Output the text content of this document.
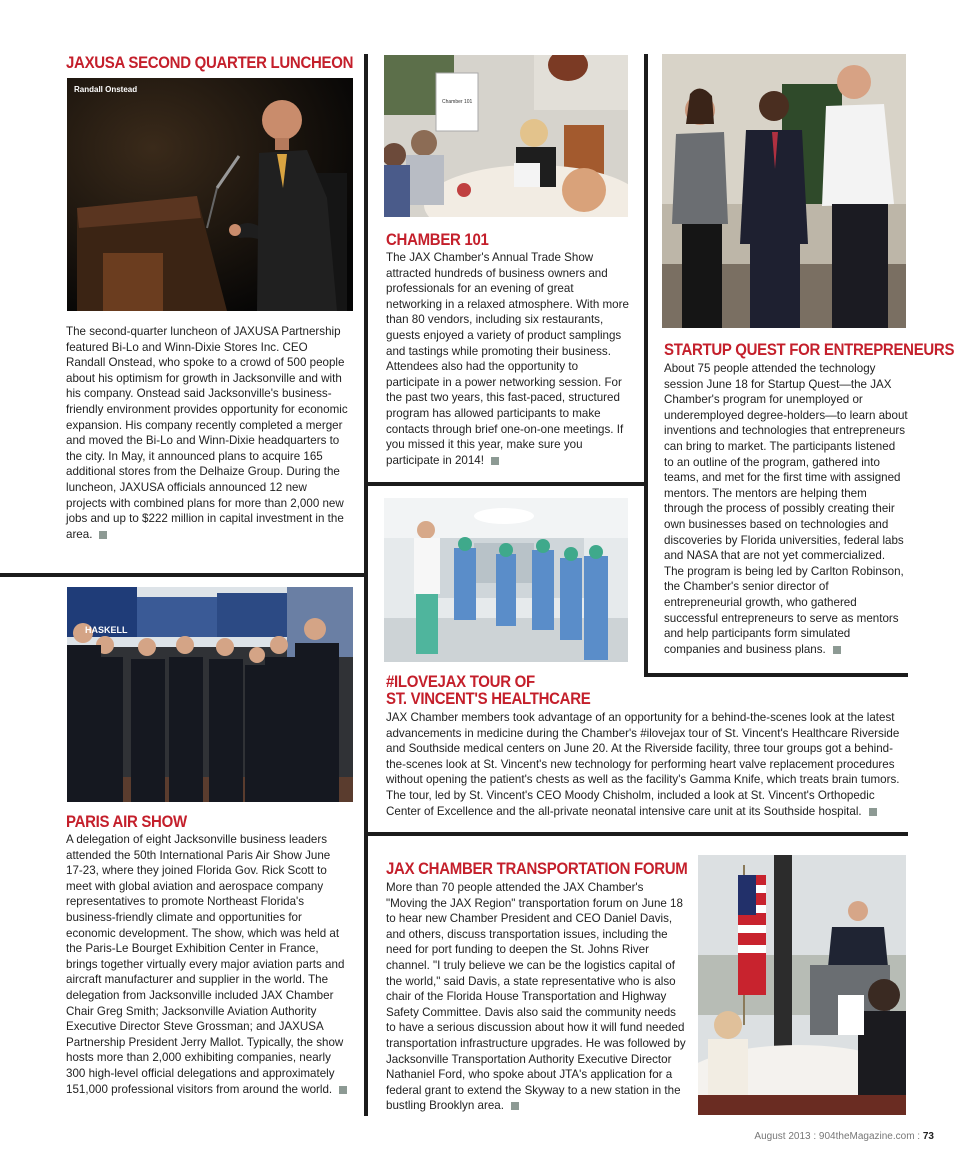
JAXUSA SECOND QUARTER LUNCHEON
Randall Onstead

The second-quarter luncheon of JAXUSA Partnership featured Bi-Lo and Winn-Dixie Stores Inc. CEO Randall Onstead, who spoke to a crowd of 500 people about his optimism for growth in Jacksonville and with his company. Onstead said Jacksonville's business-friendly environment provides opportunity for economic expansion. His company recently completed a merger and moved the Bi-Lo and Winn-Dixie headquarters to the city. In May, it announced plans to acquire 165 additional stores from the Delhaize Group. During the luncheon, JAXUSA officials announced 12 new projects with combined plans for more than 2,000 new jobs and up to $222 million in capital investment in the area.

Chamber 101
CHAMBER 101

The JAX Chamber's Annual Trade Show attracted hundreds of business owners and professionals for an evening of great networking in a relaxed atmosphere. With more than 80 vendors, including six restaurants, guests enjoyed a variety of product samplings and tastings while promoting their business. Attendees also had the opportunity to participate in a power networking session. For the past two years, this fast-paced, structured program has allowed participants to make contacts through brief one-on-one meetings. If you missed it this year, make sure you participate in 2014!

STARTUP QUEST FOR ENTREPRENEURS

About 75 people attended the technology session June 18 for Startup Quest—the JAX Chamber's program for unemployed or underemployed degree-holders—to learn about inventions and technologies that entrepreneurs can bring to market. The participants listened to an outline of the program, gathered into teams, and met for the first time with assigned mentors. The mentors are helping them through the process of possibly creating their own businesses based on technologies and discoveries by Florida universities, federal labs and NASA that are not yet commercialized. The program is being led by Carlton Robinson, the Chamber's senior director of entrepreneurial growth, who gathered successful entrepreneurs to serve as mentors and help participants form simulated companies and business plans.

#ILOVEJAX TOUR OF
ST. VINCENT'S HEALTHCARE

JAX Chamber members took advantage of an opportunity for a behind-the-scenes look at the latest advancements in medicine during the Chamber's #ilovejax tour of St. Vincent's Healthcare Riverside and Southside medical centers on June 20. At the Riverside facility, three tour groups got a behind-the-scenes look at St. Vincent's new technology for performing heart valve replacement procedures without opening the patient's chests as well as the facility's Gamma Knife, which treats brain tumors. The tour, led by St. Vincent's CEO Moody Chisholm, included a look at St. Vincent's Orthopedic Center of Excellence and the all-private neonatal intensive care unit at its Southside hospital.

HASKELL
PARIS AIR SHOW

A delegation of eight Jacksonville business leaders attended the 50th International Paris Air Show June 17-23, where they joined Florida Gov. Rick Scott to meet with global aviation and aerospace company representatives to promote Northeast Florida's business-friendly climate and opportunities for economic development. The show, which was held at the Paris-Le Bourget Exhibition Center in France, brings together virtually every major aviation parts and aircraft manufacturer and supplier in the world. The delegation from Jacksonville included JAX Chamber Chair Greg Smith; Jacksonville Aviation Authority Executive Director Steve Grossman; and JAXUSA Partnership President Jerry Mallot. Typically, the show hosts more than 2,000 exhibiting companies, nearly 300 high-level official delegations and approximately 151,000 professional visitors from around the world.

JAX CHAMBER TRANSPORTATION FORUM

More than 70 people attended the JAX Chamber's "Moving the JAX Region" transportation forum on June 18 to hear new Chamber President and CEO Daniel Davis, and others, discuss transportation issues, including the need for port funding to deepen the St. Johns River channel. "I truly believe we can be the logistics capital of the world," said Davis, a state representative who is also chair of the Florida House Transportation and Highway Safety Committee. Davis also said the community needs to have a serious discussion about how it will fund needed transportation infrastructure upgrades. He was followed by Jacksonville Transportation Authority Executive Director Nathaniel Ford, who spoke about JTA's application for a federal grant to extend the Skyway to a new station in the bustling Brooklyn area.

August 2013 : 904theMagazine.com : 73
